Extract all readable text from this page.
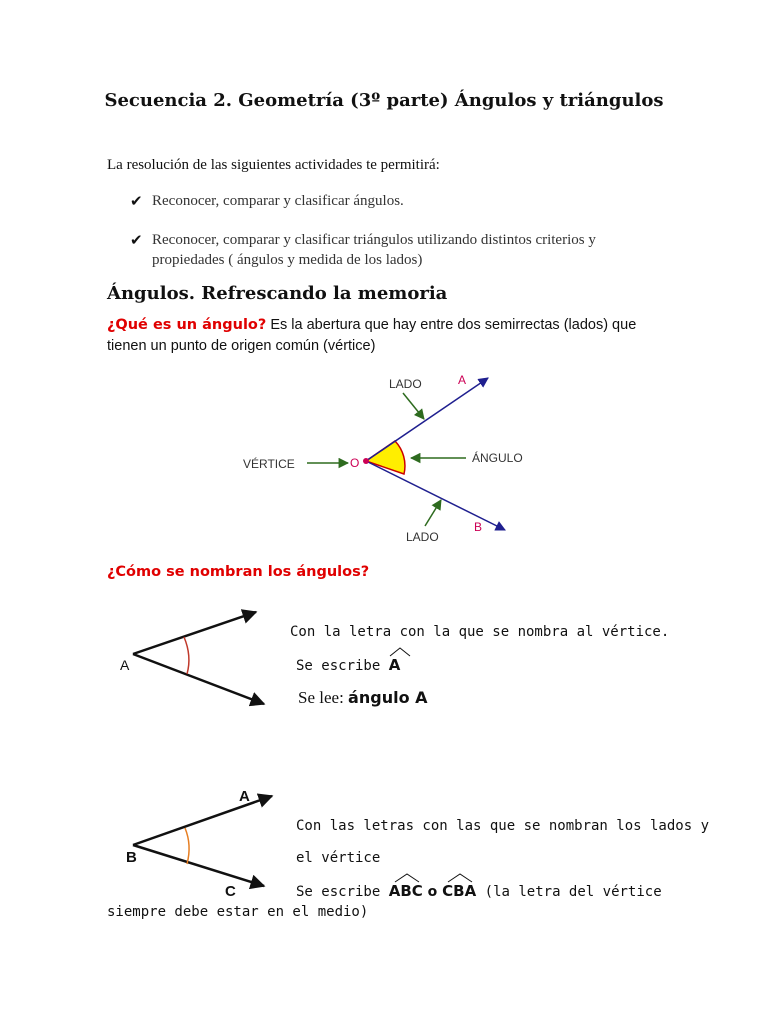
Secuencia 2. Geometría (3º parte) Ángulos y triángulos
La resolución de las siguientes actividades te permitirá:
✔ Reconocer, comparar y clasificar ángulos.
✔ Reconocer, comparar y clasificar triángulos utilizando distintos criterios y propiedades ( ángulos y medida de los lados)
Ángulos. Refrescando la memoria
¿Qué es un ángulo? Es la abertura que hay entre dos semirrectas (lados) que tienen un punto de origen común (vértice)
LADO	A
VÉRTICE	O	ÁNGULO
LADO
B
A
A
B
C
¿Cómo se nombran los ángulos?
Con la letra con la que se nombra al vértice.
Se escribe
A
Se lee: ángulo A
Con las letras con las que se nombran los lados y
el vértice
Se escribe
ABC o
CBA (la letra del vértice
siempre debe estar en el medio)
